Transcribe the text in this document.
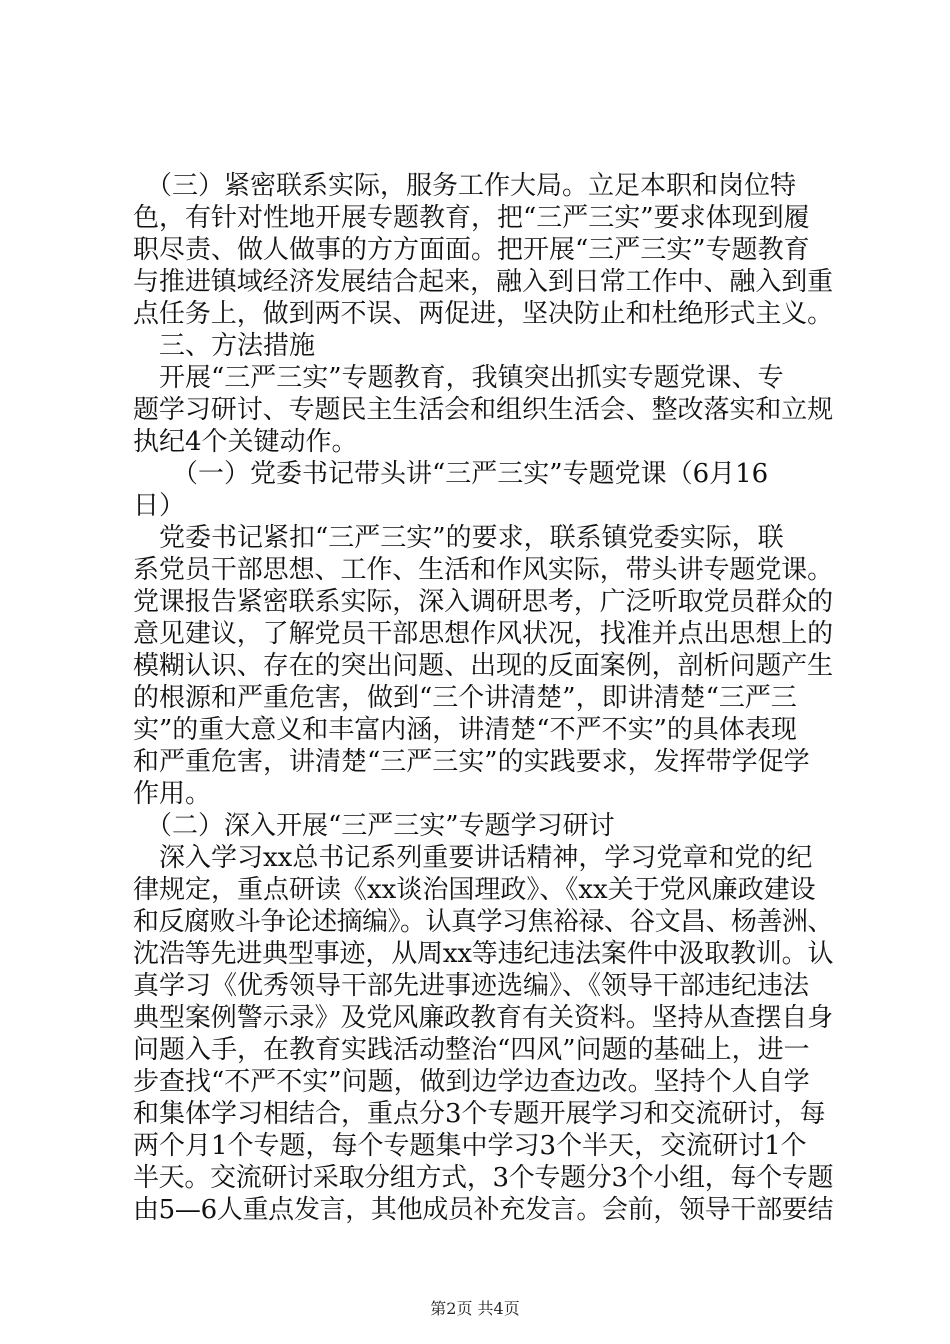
　（三）紧密联系实际，服务工作大局。立足本职和岗位特
色，有针对性地开展专题教育，把“三严三实”要求体现到履
职尽责、做人做事的方方面面。把开展“三严三实”专题教育
与推进镇域经济发展结合起来，融入到日常工作中、融入到重
点任务上，做到两不误、两促进，坚决防止和杜绝形式主义。
　三、方法措施
　开展“三严三实”专题教育，我镇突出抓实专题党课、专
题学习研讨、专题民主生活会和组织生活会、整改落实和立规
执纪4个关键动作。
　　（一）党委书记带头讲“三严三实”专题党课（6月16
日）
　党委书记紧扣“三严三实”的要求，联系镇党委实际，联
系党员干部思想、工作、生活和作风实际，带头讲专题党课。
党课报告紧密联系实际，深入调研思考，广泛听取党员群众的
意见建议，了解党员干部思想作风状况，找准并点出思想上的
模糊认识、存在的突出问题、出现的反面案例，剖析问题产生
的根源和严重危害，做到“三个讲清楚”，即讲清楚“三严三
实”的重大意义和丰富内涵，讲清楚“不严不实”的具体表现
和严重危害，讲清楚“三严三实”的实践要求，发挥带学促学
作用。
　（二）深入开展“三严三实”专题学习研讨
　深入学习xx总书记系列重要讲话精神，学习党章和党的纪
律规定，重点研读《xx谈治国理政》、《xx关于党风廉政建设
和反腐败斗争论述摘编》。认真学习焦裕禄、谷文昌、杨善洲、
沈浩等先进典型事迹，从周xx等违纪违法案件中汲取教训。认
真学习《优秀领导干部先进事迹选编》、《领导干部违纪违法
典型案例警示录》及党风廉政教育有关资料。坚持从查摆自身
问题入手，在教育实践活动整治“四风”问题的基础上，进一
步查找“不严不实”问题，做到边学边查边改。坚持个人自学
和集体学习相结合，重点分3个专题开展学习和交流研讨，每
两个月1个专题，每个专题集中学习3个半天，交流研讨1个
半天。交流研讨采取分组方式，3个专题分3个小组，每个专题
由5—6人重点发言，其他成员补充发言。会前，领导干部要结
第2页 共4页
